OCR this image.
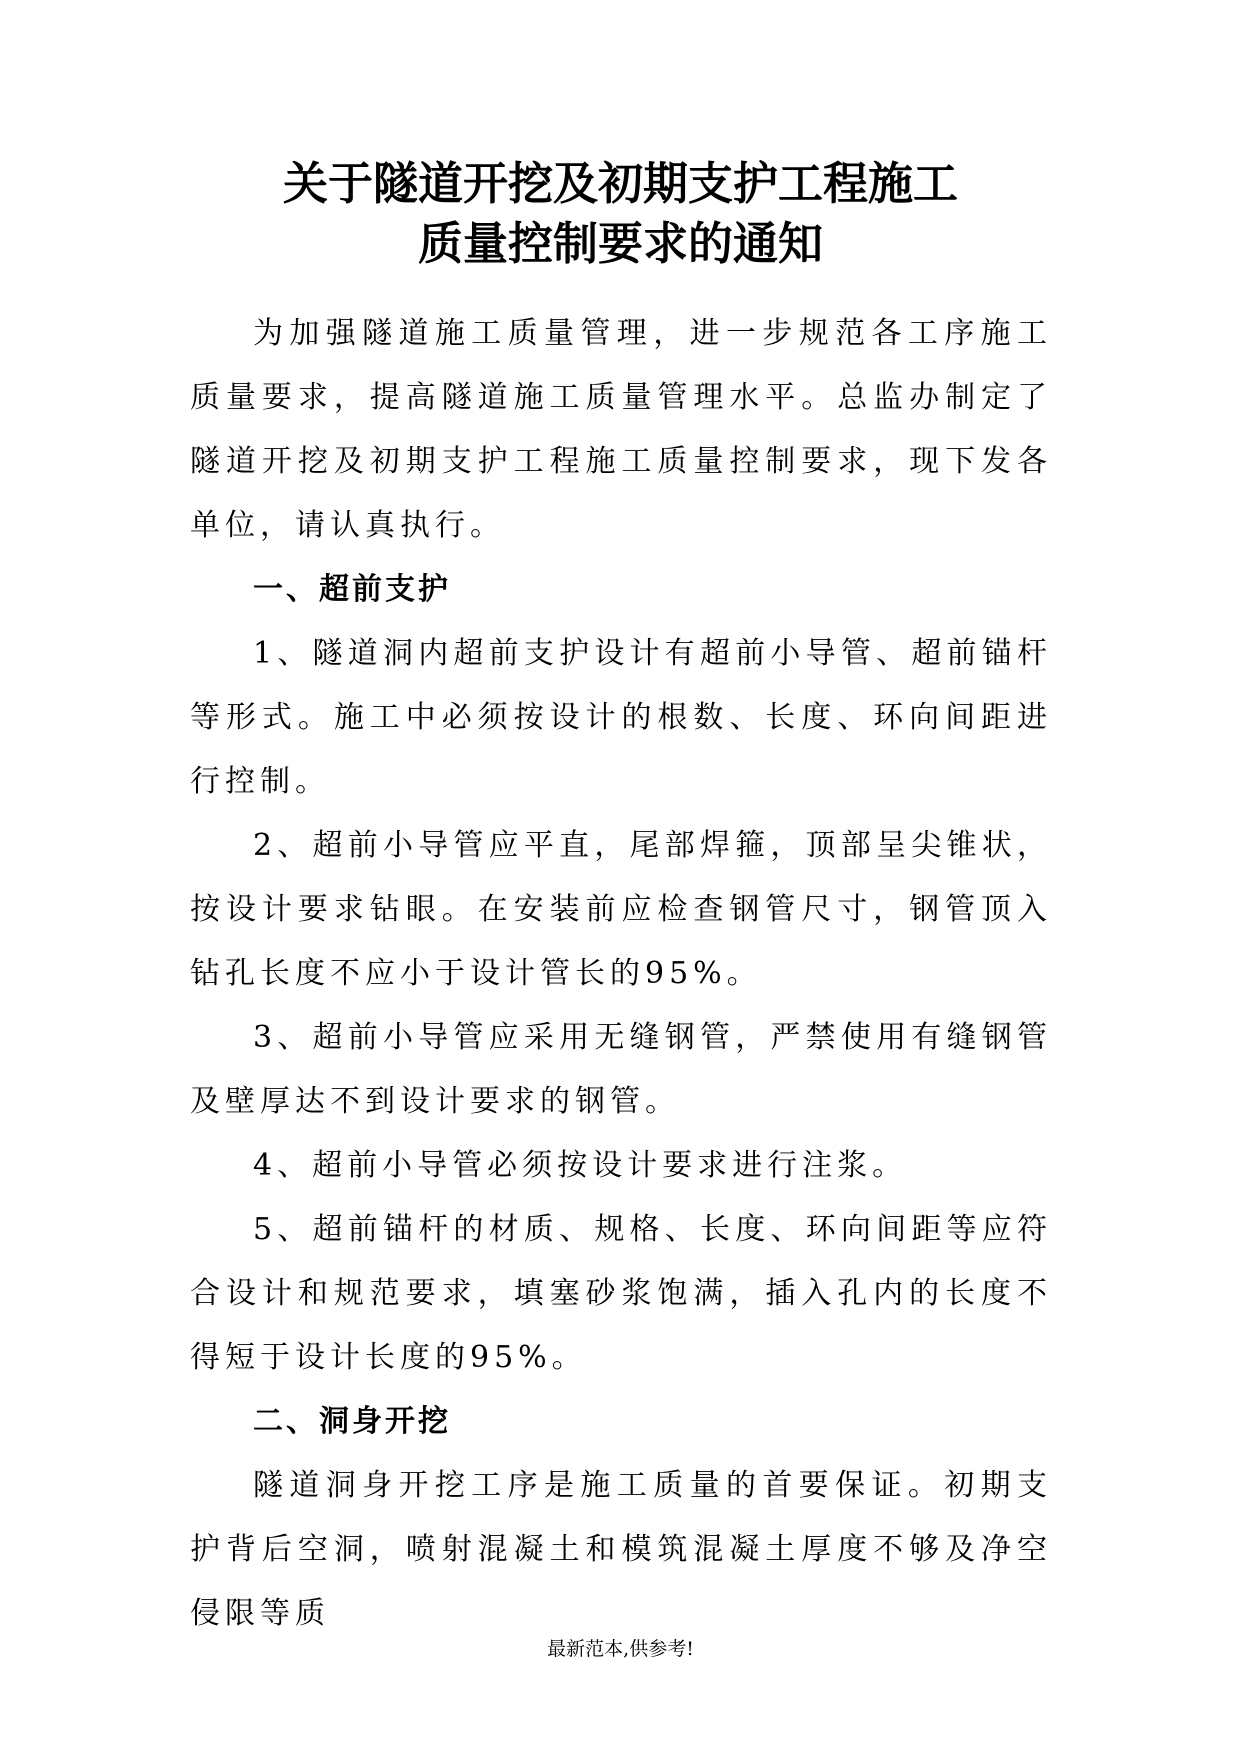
关于隧道开挖及初期支护工程施工
质量控制要求的通知

为加强隧道施工质量管理，进一步规范各工序施工质量要求，提高隧道施工质量管理水平。总监办制定了隧道开挖及初期支护工程施工质量控制要求，现下发各单位，请认真执行。

一、超前支护

1、隧道洞内超前支护设计有超前小导管、超前锚杆等形式。施工中必须按设计的根数、长度、环向间距进行控制。

2、超前小导管应平直，尾部焊箍，顶部呈尖锥状，按设计要求钻眼。在安装前应检查钢管尺寸，钢管顶入钻孔长度不应小于设计管长的95%。

3、超前小导管应采用无缝钢管，严禁使用有缝钢管及壁厚达不到设计要求的钢管。

4、超前小导管必须按设计要求进行注浆。

5、超前锚杆的材质、规格、长度、环向间距等应符合设计和规范要求，填塞砂浆饱满，插入孔内的长度不得短于设计长度的95%。

二、洞身开挖

隧道洞身开挖工序是施工质量的首要保证。初期支护背后空洞，喷射混凝土和模筑混凝土厚度不够及净空侵限等质

最新范本,供参考!
